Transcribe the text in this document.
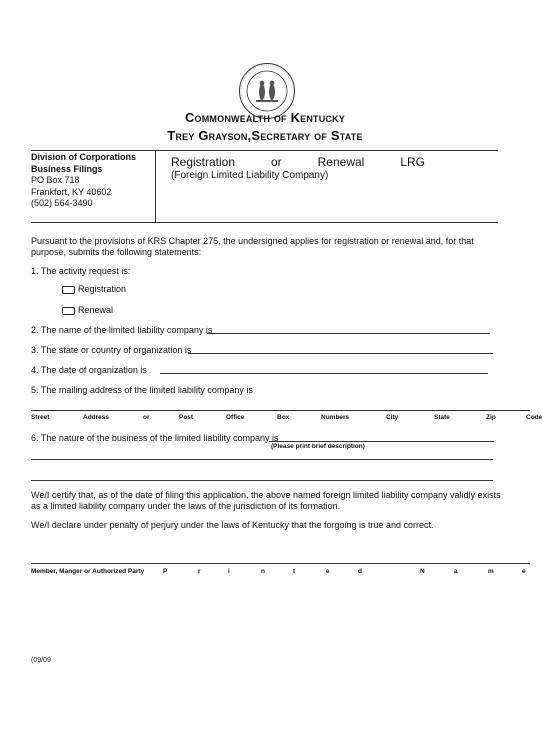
Commonwealth of Kentucky
Trey Grayson,Secretary of State
Division of Corporations
Business Filings
PO Box 718
Frankfort, KY 40602
(502) 564-3490
Registration	or	Renewal	LRG
(Foreign Limited Liability Company)
Pursuant to the provisions of KRS Chapter 275, the undersigned applies for registration or renewal and, for that purpose, submits the following statements:
1. The activity request is:
Registration
Renewal
2. The name of the limited liability company is
3. The state or country of organization is
4. The date of organization is
5. The mailing address of the limited liability company is
Street	Address	or	Post	Office	Box	Numbers	City	State	Zip	Code
6. The nature of the business of the limited liability company is
(Please print brief description)
We/I certify that, as of the date of filing this application, the above named foreign limited liability company validly exists as a limited liability company under the laws of the jurisdiction of its formation.
We/I declare under penalty of perjury under the laws of Kentucky that the forgoing is true and correct.
Member, Manger or Authorized Party	P	r	i	n	t	e	d	N	a	m	e
(09/09
